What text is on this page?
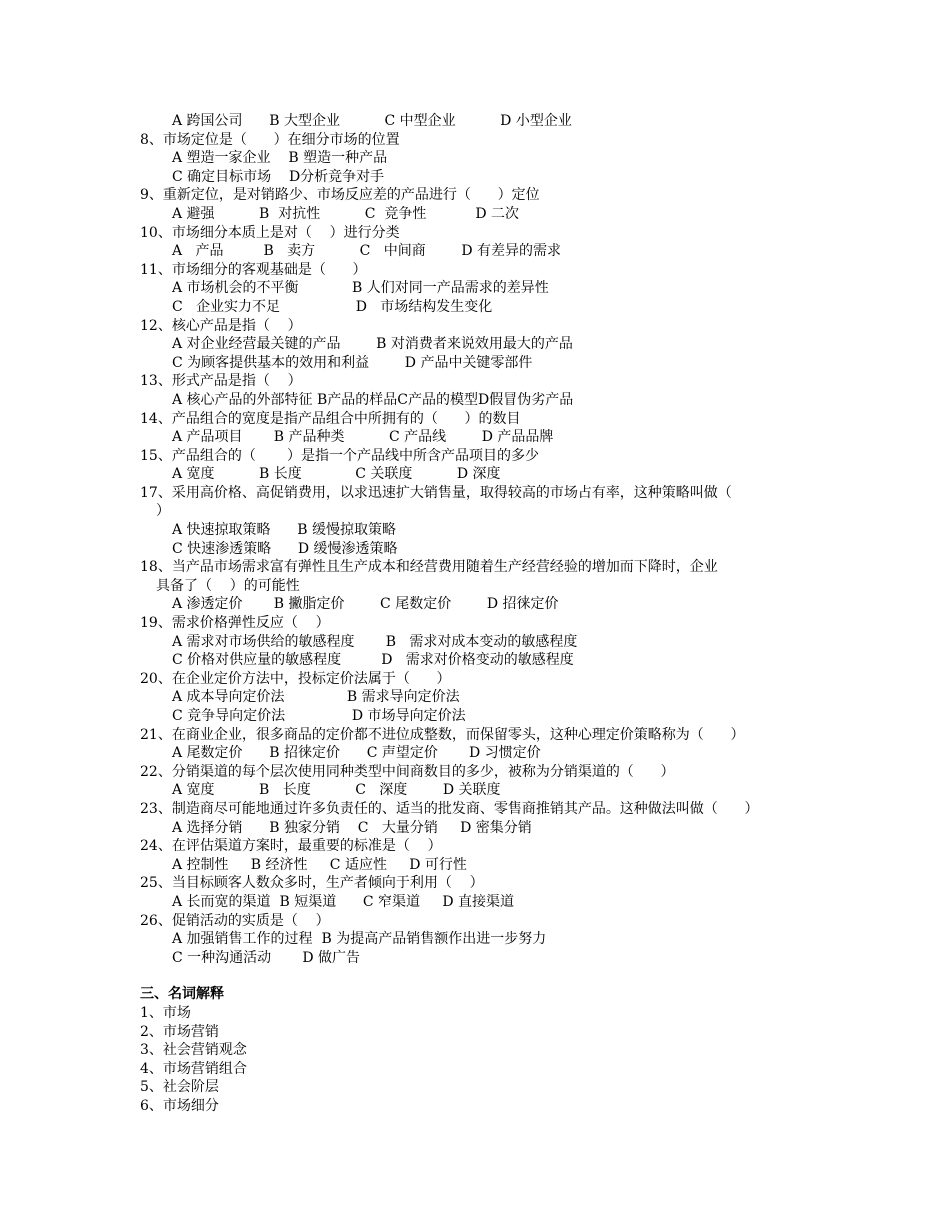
A 跨国公司      B 大型企业          C 中型企业          D 小型企业
8、市场定位是（      ）在细分市场的位置
A 塑造一家企业    B 塑造一种产品
C 确定目标市场    D分析竞争对手
9、重新定位，是对销路少、市场反应差的产品进行（      ）定位
A 避强          B  对抗性          C  竞争性           D 二次
10、市场细分本质上是对（    ）进行分类
A   产品         B   卖方          C   中间商        D 有差异的需求
11、市场细分的客观基础是（      ）
A 市场机会的不平衡            B 人们对同一产品需求的差异性
C   企业实力不足                 D   市场结构发生变化
12、核心产品是指（    ）
A 对企业经营最关键的产品        B 对消费者来说效用最大的产品
C 为顾客提供基本的效用和利益        D 产品中关键零部件
13、形式产品是指（    ）
A 核心产品的外部特征 B产品的样品C产品的模型D假冒伪劣产品
14、产品组合的宽度是指产品组合中所拥有的（      ）的数目
A 产品项目       B 产品种类          C 产品线        D 产品品牌
15、产品组合的（       ）是指一个产品线中所含产品项目的多少
A 宽度          B 长度            C 关联度          D 深度
17、采用高价格、高促销费用，以求迅速扩大销售量，取得较高的市场占有率，这种策略叫做（
）
A 快速掠取策略      B 缓慢掠取策略
C 快速渗透策略      D 缓慢渗透策略
18、当产品市场需求富有弹性且生产成本和经营费用随着生产经营经验的增加而下降时，企业
具备了（    ）的可能性
A 渗透定价       B 撇脂定价        C 尾数定价        D 招徕定价
19、需求价格弹性反应（    ）
A 需求对市场供给的敏感程度       B   需求对成本变动的敏感程度
C 价格对供应量的敏感程度         D   需求对价格变动的敏感程度
20、在企业定价方法中，投标定价法属于（      ）
A 成本导向定价法              B 需求导向定价法
C 竞争导向定价法               D 市场导向定价法
21、在商业企业，很多商品的定价都不进位成整数，而保留零头，这种心理定价策略称为（      ）
A 尾数定价      B 招徕定价      C 声望定价       D 习惯定价
22、分销渠道的每个层次使用同种类型中间商数目的多少，被称为分销渠道的（      ）
A 宽度          B   长度          C   深度        D 关联度
23、制造商尽可能地通过许多负责任的、适当的批发商、零售商推销其产品。这种做法叫做（      ）
A 选择分销      B 独家分销    C   大量分销     D 密集分销
24、在评估渠道方案时，最重要的标准是（    ）
A 控制性     B 经济性     C 适应性     D 可行性
25、当目标顾客人数众多时，生产者倾向于利用（    ）
A 长而宽的渠道  B 短渠道      C 窄渠道     D 直接渠道
26、促销活动的实质是（    ）
A 加强销售工作的过程  B 为提高产品销售额作出进一步努力
C 一种沟通活动       D 做广告
三、名词解释
1、市场
2、市场营销
3、社会营销观念
4、市场营销组合
5、社会阶层
6、市场细分
